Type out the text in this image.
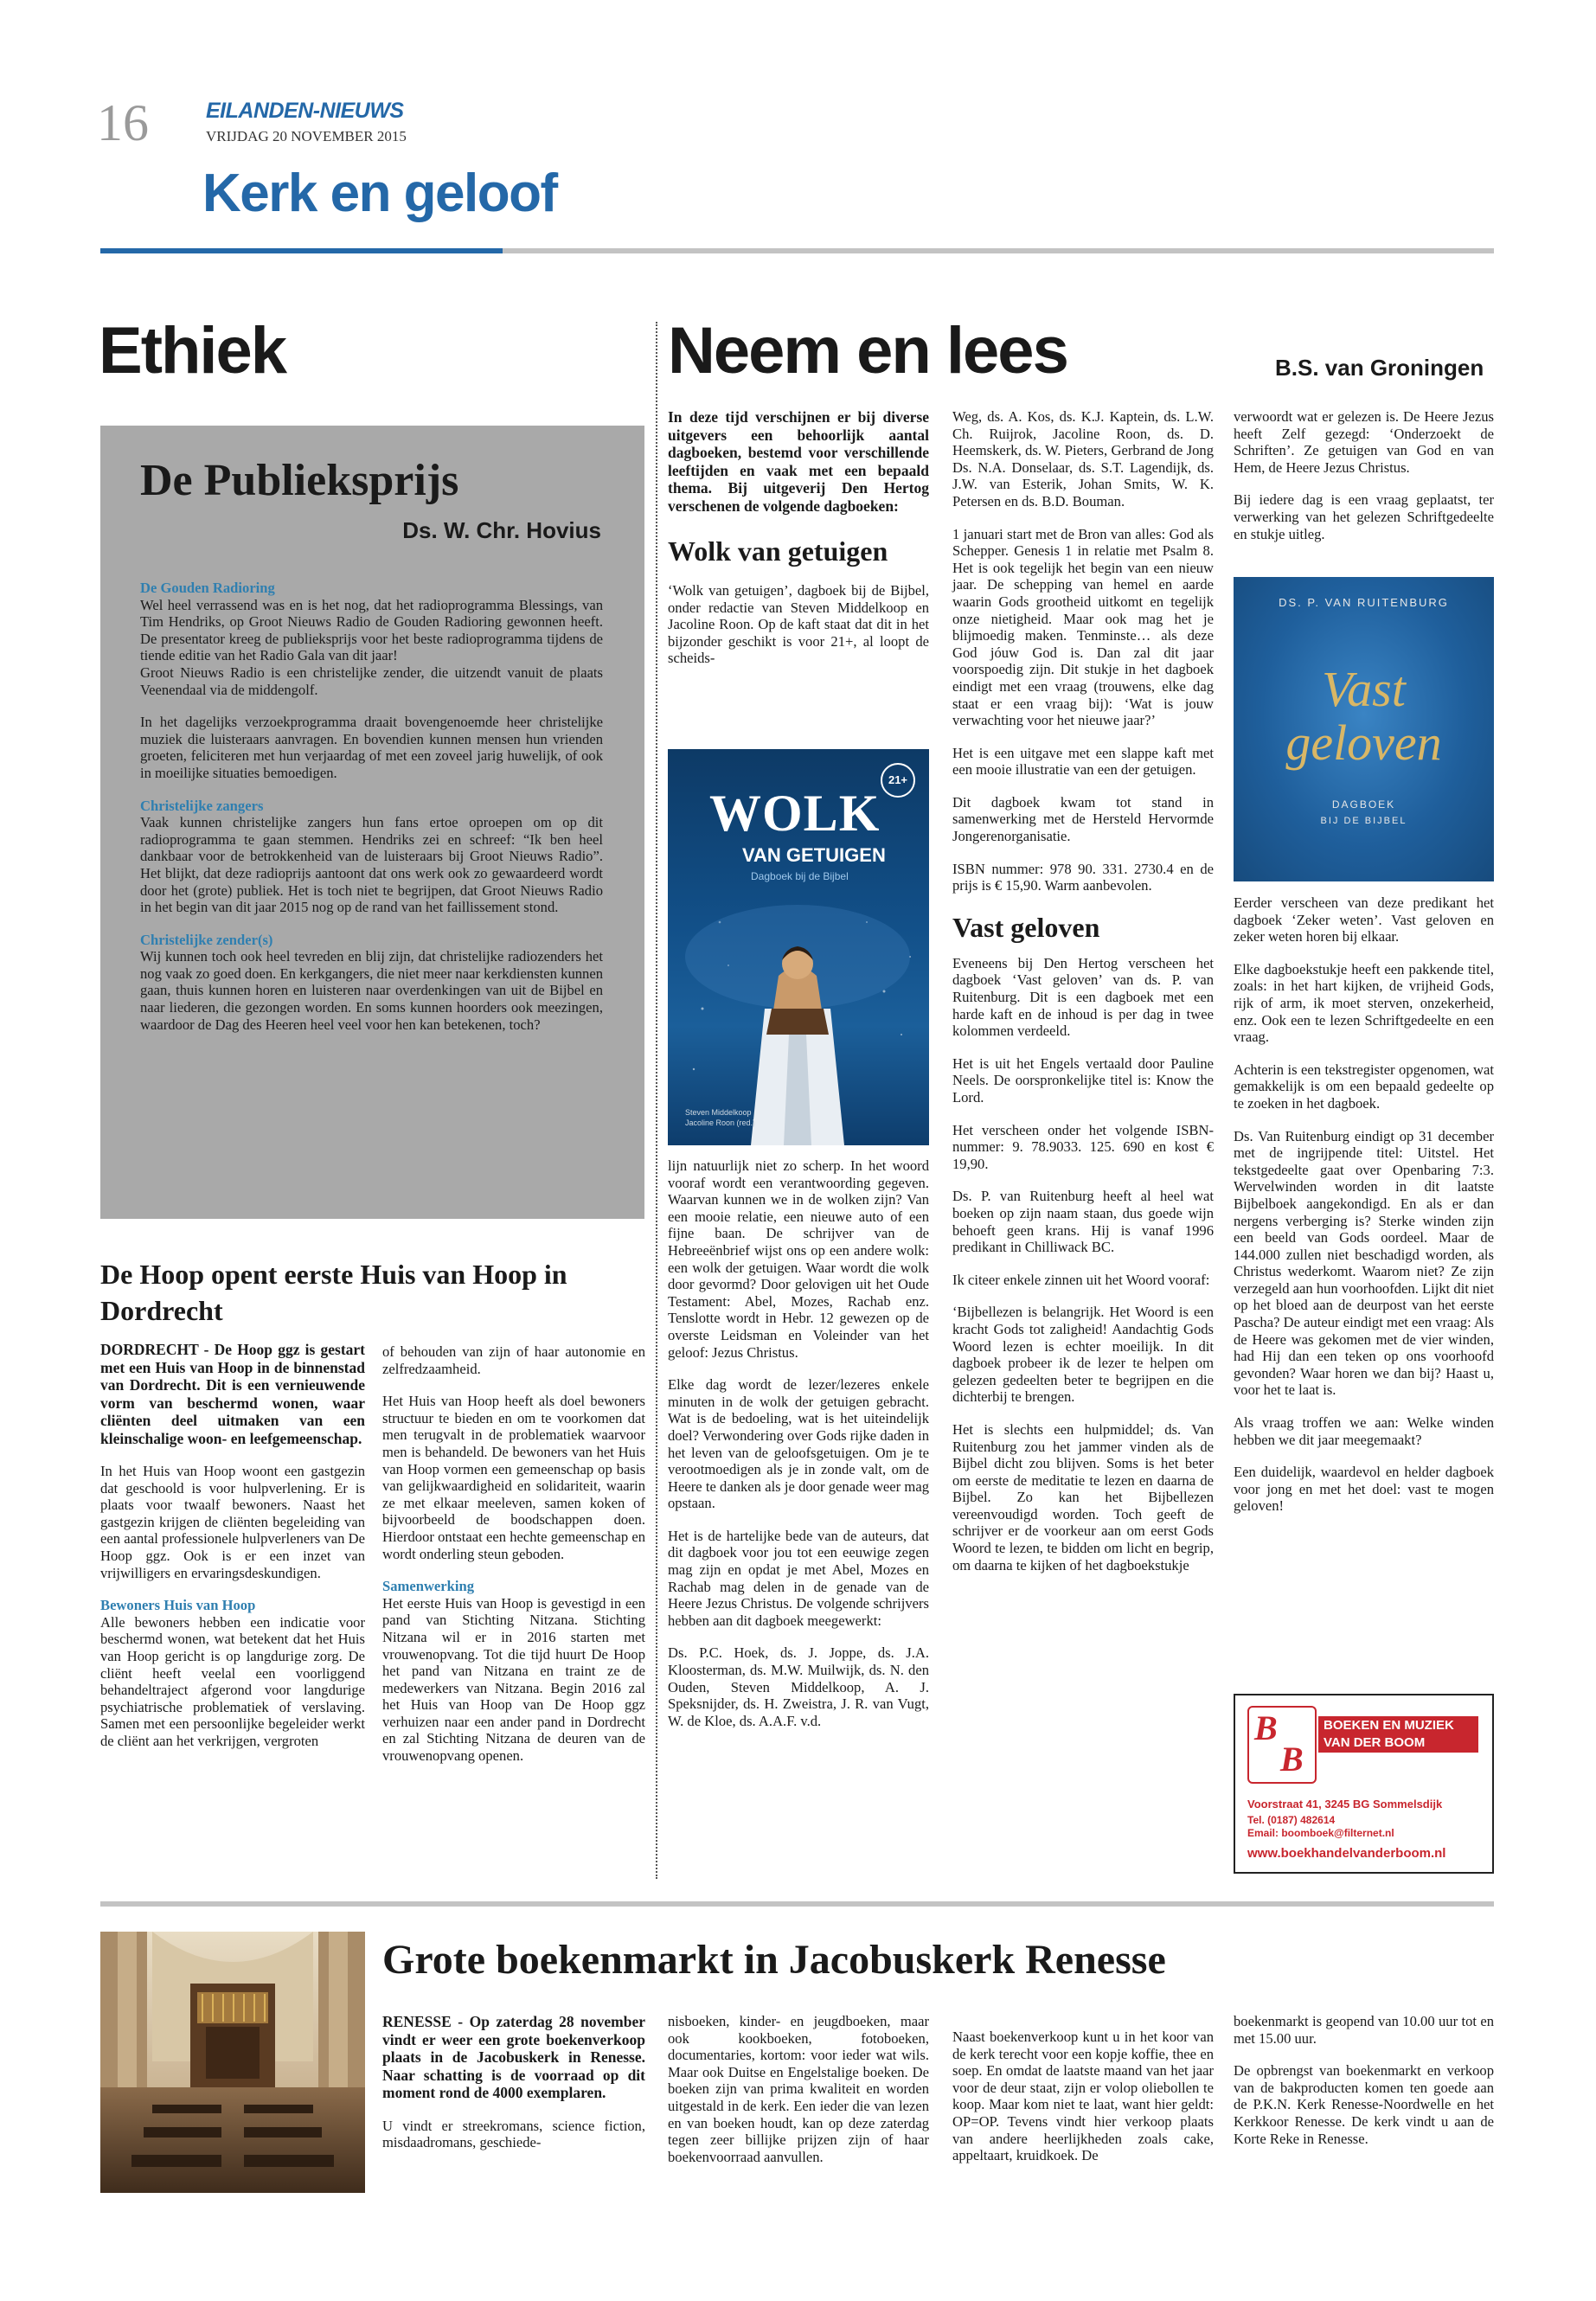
16	EILANDEN-NIEUWS
VRIJDAG 20 NOVEMBER 2015
Kerk en geloof
Ethiek
De Publieksprijs
Ds. W. Chr. Hovius
De Gouden Radioring

Wel heel verrassend was en is het nog, dat het radioprogramma Blessings, van Tim Hendriks, op Groot Nieuws Radio de Gouden Radioring gewonnen heeft. De presentator kreeg de publieksprijs voor het beste radioprogramma tijdens de tiende editie van het Radio Gala van dit jaar!

Groot Nieuws Radio is een christelijke zender, die uitzendt vanuit de plaats Veenendaal via de middengolf.

In het dagelijks verzoekprogramma draait bovengenoemde heer christelijke muziek die luisteraars aanvragen. En bovendien kunnen mensen hun vrienden groeten, feliciteren met hun verjaardag of met een zoveel jarig huwelijk, of ook in moeilijke situaties bemoedigen.

Christelijke zangers

Vaak kunnen christelijke zangers hun fans ertoe oproepen om op dit radioprogramma te gaan stemmen. Hendriks zei en schreef: “Ik ben heel dankbaar voor de betrokkenheid van de luisteraars bij Groot Nieuws Radio”. Het blijkt, dat deze radioprijs aantoont dat ons werk ook zo gewaardeerd wordt door het (grote) publiek. Het is toch niet te begrijpen, dat Groot Nieuws Radio in het begin van dit jaar 2015 nog op de rand van het faillissement stond.

Christelijke zender(s)

Wij kunnen toch ook heel tevreden en blij zijn, dat christelijke radiozenders het nog vaak zo goed doen. En kerkgangers, die niet meer naar kerkdiensten kunnen gaan, thuis kunnen horen en luisteren naar overdenkingen van uit de Bijbel en naar liederen, die gezongen worden. En soms kunnen hoorders ook meezingen, waardoor de Dag des Heeren heel veel voor hen kan betekenen, toch?

De Hoop opent eerste Huis van Hoop in Dordrecht

DORDRECHT - De Hoop ggz is gestart met een Huis van Hoop in de binnenstad van Dordrecht. Dit is een vernieuwende vorm van beschermd wonen, waar cliënten deel uitmaken van een kleinschalige woon- en leefgemeenschap.

In het Huis van Hoop woont een gastgezin dat geschoold is voor hulpverlening. Er is plaats voor twaalf bewoners. Naast het gastgezin krijgen de cliënten begeleiding van een aantal professionele hulpverleners van De Hoop ggz. Ook is er een inzet van vrijwilligers en ervaringsdeskundigen.

Bewoners Huis van Hoop

Alle bewoners hebben een indicatie voor beschermd wonen, wat betekent dat het Huis van Hoop gericht is op langdurige zorg. De cliënt heeft veelal een voorliggend behandeltraject afgerond voor langdurige psychiatrische problematiek of verslaving. Samen met een persoonlijke begeleider werkt de cliënt aan het verkrijgen, vergroten

of behouden van zijn of haar autonomie en zelfredzaamheid.

Het Huis van Hoop heeft als doel bewoners structuur te bieden en om te voorkomen dat men terugvalt in de problematiek waarvoor men is behandeld. De bewoners van het Huis van Hoop vormen een gemeenschap op basis van gelijkwaardigheid en solidariteit, waarin ze met elkaar meeleven, samen koken of bijvoorbeeld de boodschappen doen. Hierdoor ontstaat een hechte gemeenschap en wordt onderling steun geboden.

Samenwerking

Het eerste Huis van Hoop is gevestigd in een pand van Stichting Nitzana. Stichting Nitzana wil er in 2016 starten met vrouwenopvang. Tot die tijd huurt De Hoop het pand van Nitzana en traint ze de medewerkers van Nitzana. Begin 2016 zal het Huis van Hoop van De Hoop ggz verhuizen naar een ander pand in Dordrecht en zal Stichting Nitzana de deuren van de vrouwenopvang openen.

Neem en lees	B.S. van Groningen

In deze tijd verschijnen er bij diverse uitgevers een behoorlijk aantal dagboeken, bestemd voor verschillende leeftijden en vaak met een bepaald thema. Bij uitgeverij Den Hertog verschenen de volgende dagboeken:

Wolk van getuigen

‘Wolk van getuigen’, dagboek bij de Bijbel, onder redactie van Steven Middelkoop en Jacoline Roon. Op de kaft staat dat dit in het bijzonder geschikt is voor 21+, al loopt de scheids-

21+
WOLK
VAN GETUIGEN
Dagboek bij de Bijbel
Steven Middelkoop
Jacoline Roon (red.)

lijn natuurlijk niet zo scherp. In het woord vooraf wordt een verantwoording gegeven. Waarvan kunnen we in de wolken zijn? Van een mooie relatie, een nieuwe auto of een fijne baan. De schrijver van de Hebreeënbrief wijst ons op een andere wolk: een wolk der getuigen. Waar wordt die wolk door gevormd? Door gelovigen uit het Oude Testament: Abel, Mozes, Rachab enz. Tenslotte wordt in Hebr. 12 gewezen op de overste Leidsman en Voleinder van het geloof: Jezus Christus.

Elke dag wordt de lezer/lezeres enkele minuten in de wolk der getuigen gebracht. Wat is de bedoeling, wat is het uiteindelijk doel? Verwondering over Gods rijke daden in het leven van de geloofsgetuigen. Om je te verootmoedigen als je in zonde valt, om de Heere te danken als je door genade weer mag opstaan.

Het is de hartelijke bede van de auteurs, dat dit dagboek voor jou tot een eeuwige zegen mag zijn en opdat je met Abel, Mozes en Rachab mag delen in de genade van de Heere Jezus Christus. De volgende schrijvers hebben aan dit dagboek meegewerkt:

Ds. P.C. Hoek, ds. J. Joppe, ds. J.A. Kloosterman, ds. M.W. Muilwijk, ds. N. den Ouden, Steven Middelkoop, A. J. Speksnijder, ds. H. Zweistra, J. R. van Vugt, W. de Kloe, ds. A.A.F. v.d.

Weg, ds. A. Kos, ds. K.J. Kaptein, ds. L.W. Ch. Ruijrok, Jacoline Roon, ds. D. Heemskerk, ds. W. Pieters, Gerbrand de Jong Ds. N.A. Donselaar, ds. S.T. Lagendijk, ds. J.W. van Esterik, Johan Smits, W. K. Petersen en ds. B.D. Bouman.

1 januari start met de Bron van alles: God als Schepper. Genesis 1 in relatie met Psalm 8. Het is ook tegelijk het begin van een nieuw jaar. De schepping van hemel en aarde waarin Gods grootheid uitkomt en tegelijk onze nietigheid. Maar ook mag het je blijmoedig maken. Tenminste… als deze God jóuw God is. Dan zal dit jaar voorspoedig zijn. Dit stukje in het dagboek eindigt met een vraag (trouwens, elke dag staat er een vraag bij): ‘Wat is jouw verwachting voor het nieuwe jaar?’

Het is een uitgave met een slappe kaft met een mooie illustratie van een der getuigen.

Dit dagboek kwam tot stand in samenwerking met de Hersteld Hervormde Jongerenorganisatie.

ISBN nummer: 978 90. 331. 2730.4 en de prijs is € 15,90. Warm aanbevolen.

Vast geloven

Eveneens bij Den Hertog verscheen het dagboek ‘Vast geloven’ van ds. P. van Ruitenburg. Dit is een dagboek met een harde kaft en de inhoud is per dag in twee kolommen verdeeld.

Het is uit het Engels vertaald door Pauline Neels. De oorspronkelijke titel is: Know the Lord.

Het verscheen onder het volgende ISBN-nummer: 9. 78.9033. 125. 690 en kost € 19,90.

Ds. P. van Ruitenburg heeft al heel wat boeken op zijn naam staan, dus goede wijn behoeft geen krans. Hij is vanaf 1996 predikant in Chilliwack BC.

Ik citeer enkele zinnen uit het Woord vooraf:

‘Bijbellezen is belangrijk. Het Woord is een kracht Gods tot zaligheid! Aandachtig Gods Woord lezen is echter moeilijk. In dit dagboek probeer ik de lezer te helpen om gelezen gedeelten beter te begrijpen en die dichterbij te brengen.

Het is slechts een hulpmiddel; ds. Van Ruitenburg zou het jammer vinden als de Bijbel dicht zou blijven. Soms is het beter om eerste de meditatie te lezen en daarna de Bijbel. Zo kan het Bijbellezen vereenvoudigd worden. Toch geeft de schrijver er de voorkeur aan om eerst Gods Woord te lezen, te bidden om licht en begrip, om daarna te kijken of het dagboekstukje

verwoordt wat er gelezen is. De Heere Jezus heeft Zelf gezegd: ‘Onderzoekt de Schriften’. Ze getuigen van God en van Hem, de Heere Jezus Christus.

Bij iedere dag is een vraag geplaatst, ter verwerking van het gelezen Schriftgedeelte en stukje uitleg.

DS. P. VAN RUITENBURG
Vast
geloven
DAGBOEK
BIJ DE BIJBEL

Eerder verscheen van deze predikant het dagboek ‘Zeker weten’. Vast geloven en zeker weten horen bij elkaar.

Elke dagboekstukje heeft een pakkende titel, zoals: in het hart kijken, de vrijheid Gods, rijk of arm, ik moet sterven, onzekerheid, enz. Ook een te lezen Schriftgedeelte en een vraag.

Achterin is een tekstregister opgenomen, wat gemakkelijk is om een bepaald gedeelte op te zoeken in het dagboek.

Ds. Van Ruitenburg eindigt op 31 december met de ingrijpende titel: Uitstel. Het tekstgedeelte gaat over Openbaring 7:3. Wervelwinden worden in dit laatste Bijbelboek aangekondigd. En als er dan nergens verberging is? Sterke winden zijn een beeld van Gods oordeel. Maar de 144.000 zullen niet beschadigd worden, als Christus wederkomt. Waarom niet? Ze zijn verzegeld aan hun voorhoofden. Lijkt dit niet op het bloed aan de deurpost van het eerste Pascha? De auteur eindigt met een vraag: Als de Heere was gekomen met de vier winden, had Hij dan een teken op ons voorhoofd gevonden? Waar horen we dan bij? Haast u, voor het te laat is.

Als vraag troffen we aan: Welke winden hebben we dit jaar meegemaakt?

Een duidelijk, waardevol en helder dagboek voor jong en met het doel: vast te mogen geloven!

B
B
BOEKEN EN MUZIEK
VAN DER BOOM
Voorstraat 41, 3245 BG Sommelsdijk
Tel. (0187) 482614
Email: boomboek@filternet.nl
www.boekhandelvanderboom.nl
Grote boekenmarkt in Jacobuskerk Renesse

RENESSE - Op zaterdag 28 november vindt er weer een grote boekenverkoop plaats in de Jacobuskerk in Renesse. Naar schatting is de voorraad op dit moment rond de 4000 exemplaren.

U vindt er streekromans, science fiction, misdaadromans, geschiede-

nisboeken, kinder- en jeugdboeken, maar ook kookboeken, fotoboeken, documentaries, kortom: voor ieder wat wils. Maar ook Duitse en Engelstalige boeken. De boeken zijn van prima kwaliteit en worden uitgestald in de kerk. Een ieder die van lezen en van boeken houdt, kan op deze zaterdag tegen zeer billijke prijzen zijn of haar boekenvoorraad aanvullen.

Naast boekenverkoop kunt u in het koor van de kerk terecht voor een kopje koffie, thee en soep. En omdat de laatste maand van het jaar voor de deur staat, zijn er volop oliebollen te koop. Maar kom niet te laat, want hier geldt: OP=OP. Tevens vindt hier verkoop plaats van andere heerlijkheden zoals cake, appeltaart, kruidkoek. De

boekenmarkt is geopend van 10.00 uur tot en met 15.00 uur.

De opbrengst van boekenmarkt en verkoop van de bakproducten komen ten goede aan de P.K.N. Kerk Renesse-Noordwelle en het Kerkkoor Renesse. De kerk vindt u aan de Korte Reke in Renesse.
